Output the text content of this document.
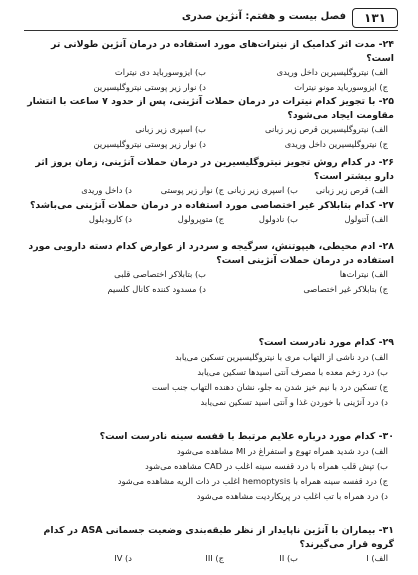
۱۳۱
فصل بیست و هفتم: آنژین صدری
۲۴- مدت اثر کدامیک از نیترات‌های مورد استفاده در درمان آنژین طولانی تر است؟
الف) نیتروگلیسیرین داخل وریدی
ب) ایزوسورباید دی نیترات
ج) ایزوسورباید مونو نیترات
د) نوار زیر پوستی نیتروگلیسیرین
۲۵- با تجویز کدام نیترات در درمان حملات آنژینی، پس از حدود ۷ ساعت با انتشار مقاومت ایجاد می‌شود؟
الف) نیتروگلیسیرین قرص زیر زبانی
ب) اسپری زیر زبانی
ج) نیتروگلیسیرین داخل وریدی
د) نوار زیر پوستی نیتروگلیسیرین
۲۶- در کدام روش تجویز نیتروگلیسیرین در درمان حملات آنژینی، زمان بروز اثر دارو بیشتر است؟
الف) قرص زیر زبانی
ب) اسپری زیر زبانی
ج) نوار زیر پوستی
د) داخل وریدی
۲۷- کدام بتابلاکر غیر اختصاصی مورد استفاده در درمان حملات آنژینی می‌باشد؟
الف) آتنولول
ب) نادولول
ج) متوپرولول
د) کارودیلول
۲۸- ادم محیطی، هیپوتنش، سرگیجه و سردرد از عوارض کدام دسته دارویی مورد استفاده در درمان حملات آنژینی است؟
الف) نیترات‌ها
ب) بتابلاکر اختصاصی قلبی
ج) بتابلاکر غیر اختصاصی
د) مسدود کننده کانال کلسیم
۲۹- کدام مورد نادرست است؟
الف) درد ناشی از التهاب مری با نیتروگلیسیرین تسکین می‌یابد
ب) درد زخم معده با مصرف آنتی اسیدها تسکین می‌یابد
ج) تسکین درد با نیم خیز شدن به جلو، نشان دهنده التهاب جنب است
د) درد آنژینی با خوردن غذا و آنتی اسید تسکین نمی‌یابد
۳۰- کدام مورد درباره علایم مرتبط با قفسه سینه نادرست است؟
الف) درد شدید همراه تهوع و استفراغ در MI مشاهده می‌شود
ب) تپش قلب همراه با درد قفسه سینه اغلب در CAD مشاهده می‌شود
ج) درد قفسه سینه همراه با hemoptysis اغلب در ذات الریه مشاهده می‌شود
د) درد همراه با تب اغلب در پریکاردیت مشاهده می‌شود
۳۱- بیماران با آنژین ناپایدار از نظر طبقه‌بندی وضعیت جسمانی ASA در کدام گروه قرار می‌گیرند؟
الف) I
ب) II
ج) III
د) IV
